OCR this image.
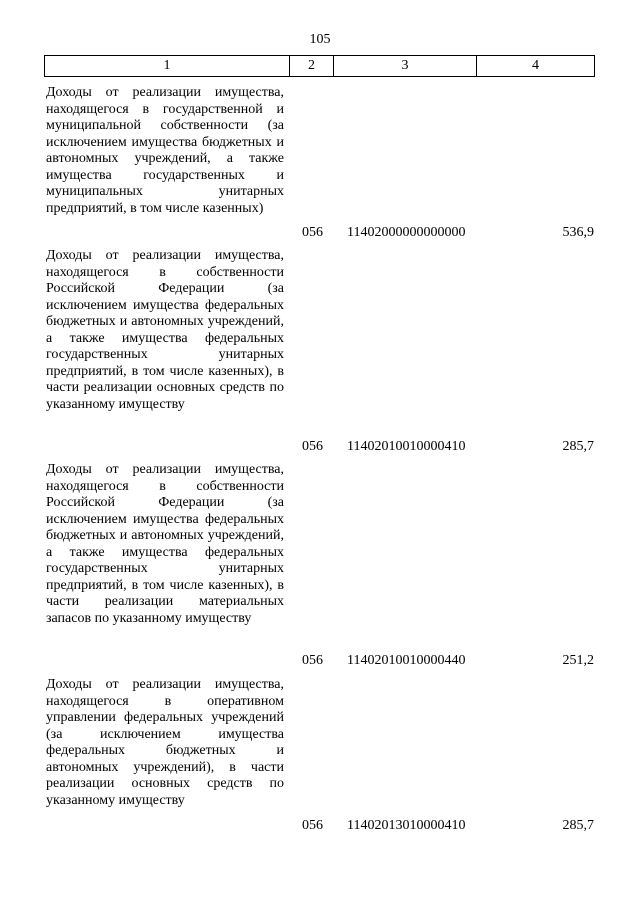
105
1	2	3	4
Доходы от реализации имущества, находящегося в государственной и муниципальной собственности (за исключением имущества бюджетных и автономных учреждений, а также имущества государственных и муниципальных унитарных предприятий, в том числе казенных)
056	11402000000000000	536,9
Доходы от реализации имущества, находящегося в собственности Российской Федерации (за исключением имущества федеральных бюджетных и автономных учреждений, а также имущества федеральных государственных унитарных предприятий, в том числе казенных), в части реализации основных средств по указанному имуществу
056	11402010010000410	285,7
Доходы от реализации имущества, находящегося в собственности Российской Федерации (за исключением имущества федеральных бюджетных и автономных учреждений, а также имущества федеральных государственных унитарных предприятий, в том числе казенных), в части реализации материальных запасов по указанному имуществу
056	11402010010000440	251,2
Доходы от реализации имущества, находящегося в оперативном управлении федеральных учреждений (за исключением имущества федеральных бюджетных и автономных учреждений), в части реализации основных средств по указанному имуществу
056	11402013010000410	285,7
